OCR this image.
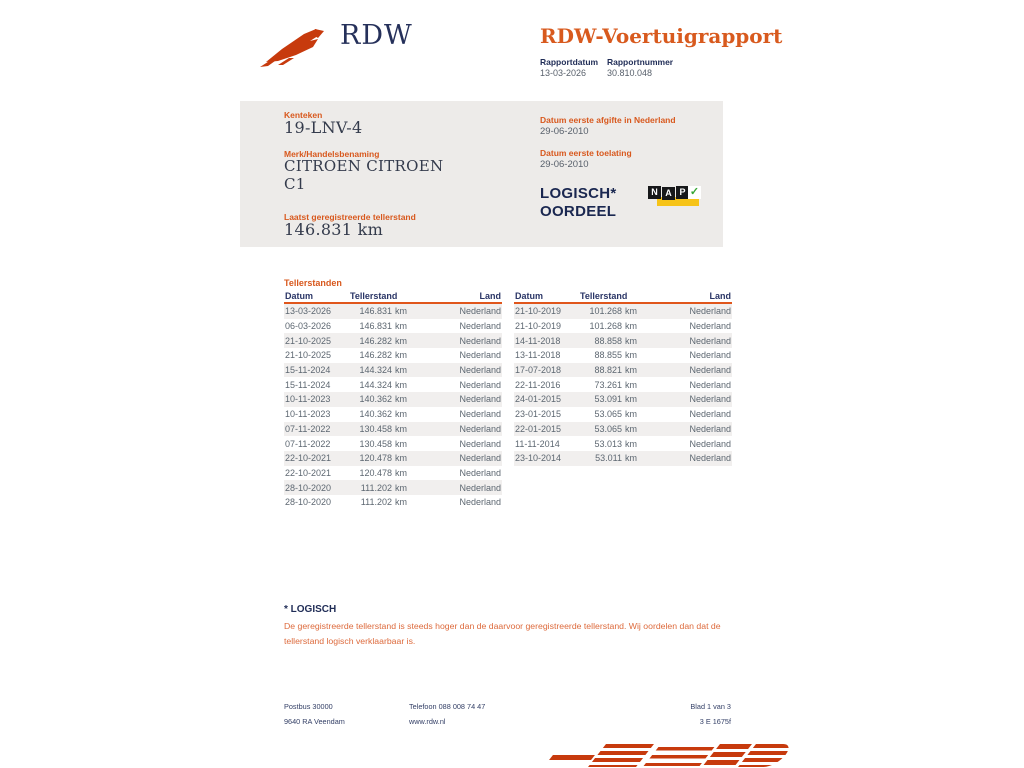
RDW	RDW-Voertuigrapport
Rapportdatum Rapportnummer
13-03-2026 30.810.048
Kenteken
19-LNV-4
Merk/Handelsbenaming
CITROEN CITROEN
C1
Laatst geregistreerde tellerstand
146.831 km
Datum eerste afgifte in Nederland
29-06-2010
Datum eerste toelating
29-06-2010
LOGISCH*
OORDEEL
N A P ✓
Tellerstanden
Datum	Tellerstand	Land
13-03-2026	146.831 km	Nederland
06-03-2026	146.831 km	Nederland
21-10-2025	146.282 km	Nederland
21-10-2025	146.282 km	Nederland
15-11-2024	144.324 km	Nederland
15-11-2024	144.324 km	Nederland
10-11-2023	140.362 km	Nederland
10-11-2023	140.362 km	Nederland
07-11-2022	130.458 km	Nederland
07-11-2022	130.458 km	Nederland
22-10-2021	120.478 km	Nederland
22-10-2021	120.478 km	Nederland
28-10-2020	111.202 km	Nederland
28-10-2020	111.202 km	Nederland
Datum	Tellerstand	Land
21-10-2019	101.268 km	Nederland
21-10-2019	101.268 km	Nederland
14-11-2018	88.858 km	Nederland
13-11-2018	88.855 km	Nederland
17-07-2018	88.821 km	Nederland
22-11-2016	73.261 km	Nederland
24-01-2015	53.091 km	Nederland
23-01-2015	53.065 km	Nederland
22-01-2015	53.065 km	Nederland
11-11-2014	53.013 km	Nederland
23-10-2014	53.011 km	Nederland
* LOGISCH
De geregistreerde tellerstand is steeds hoger dan de daarvoor geregistreerde tellerstand. Wij oordelen dan dat de tellerstand logisch verklaarbaar is.
Postbus 30000
9640 RA Veendam
Telefoon 088 008 74 47
www.rdw.nl
Blad 1 van 3
3 E 1675f
